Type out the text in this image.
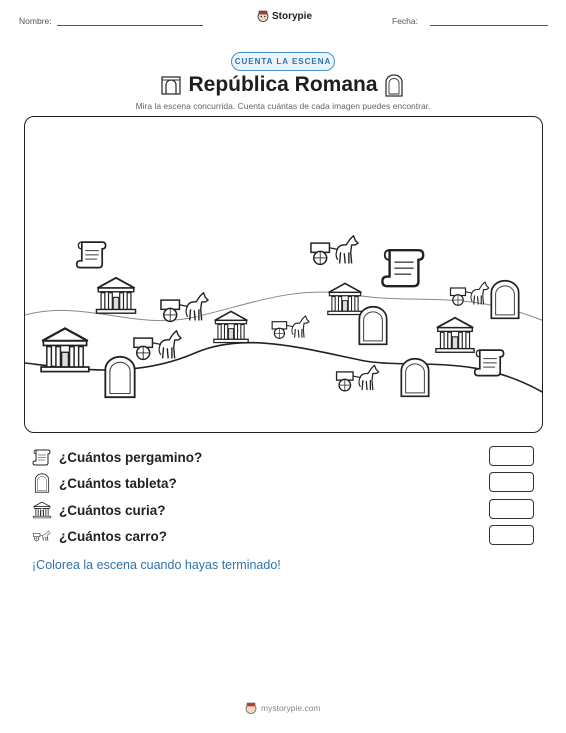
Nombre:	Storypie	Fecha:
CUENTA LA ESCENA
República Romana
Mira la escena concurrida. Cuenta cuántas de cada imagen puedes encontrar.
¿Cuántos pergamino?
¿Cuántos tableta?
¿Cuántos curia?
¿Cuántos carro?
¡Colorea la escena cuando hayas terminado!
mystorypie.com
